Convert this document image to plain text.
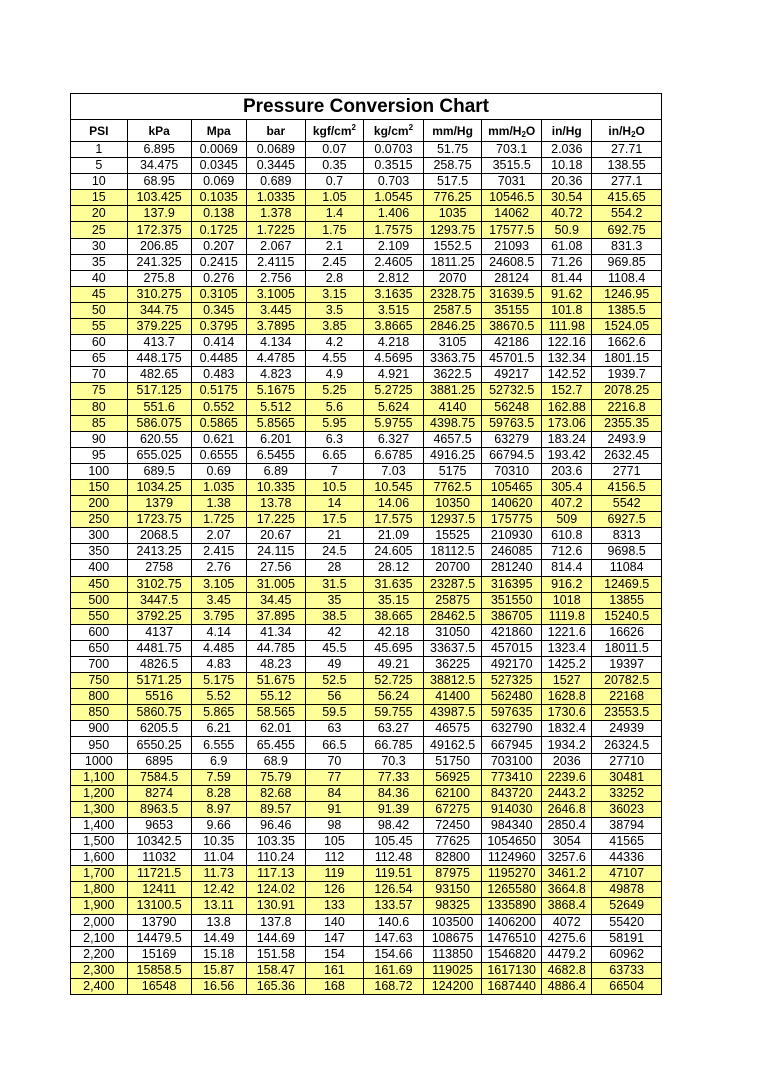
Pressure Conversion Chart
PSI	kPa	Mpa	bar	kgf/$cm^2$	$kg/cm^2$	mm/Hg	$mm/H_2O$	in/Hg	$in/H_2O$
1	6.895	0.0069	0.0689	0.07	0.0703	51.75	703.1	2.036	27.71
5	34.475	0.0345	0.3445	0.35	0.3515	258.75	3515.5	10.18	138.55
10	68.95	0.069	0.689	0.7	0.703	517.5	7031	20.36	277.1
15	103.425	0.1035	1.0335	1.05	1.0545	776.25	10546.5	30.54	415.65
20	137.9	0.138	1.378	1.4	1.406	1035	14062	40.72	554.2
25	172.375	0.1725	1.7225	1.75	1.7575	1293.75	17577.5	50.9	692.75
30	206.85	0.207	2.067	2.1	2.109	1552.5	21093	61.08	831.3
35	241.325	0.2415	2.4115	2.45	2.4605	1811.25	24608.5	71.26	969.85
40	275.8	0.276	2.756	2.8	2.812	2070	28124	81.44	1108.4
45	310.275	0.3105	3.1005	3.15	3.1635	2328.75	31639.5	91.62	1246.95
50	344.75	0.345	3.445	3.5	3.515	2587.5	35155	101.8	1385.5
55	379.225	0.3795	3.7895	3.85	3.8665	2846.25	38670.5	111.98	1524.05
60	413.7	0.414	4.134	4.2	4.218	3105	42186	122.16	1662.6
65	448.175	0.4485	4.4785	4.55	4.5695	3363.75	45701.5	132.34	1801.15
70	482.65	0.483	4.823	4.9	4.921	3622.5	49217	142.52	1939.7
75	517.125	0.5175	5.1675	5.25	5.2725	3881.25	52732.5	152.7	2078.25
80	551.6	0.552	5.512	5.6	5.624	4140	56248	162.88	2216.8
85	586.075	0.5865	5.8565	5.95	5.9755	4398.75	59763.5	173.06	2355.35
90	620.55	0.621	6.201	6.3	6.327	4657.5	63279	183.24	2493.9
95	655.025	0.6555	6.5455	6.65	6.6785	4916.25	66794.5	193.42	2632.45
100	689.5	0.69	6.89	7	7.03	5175	70310	203.6	2771
150	1034.25	1.035	10.335	10.5	10.545	7762.5	105465	305.4	4156.5
200	1379	1.38	13.78	14	14.06	10350	140620	407.2	5542
250	1723.75	1.725	17.225	17.5	17.575	12937.5	175775	509	6927.5
300	2068.5	2.07	20.67	21	21.09	15525	210930	610.8	8313
350	2413.25	2.415	24.115	24.5	24.605	18112.5	246085	712.6	9698.5
400	2758	2.76	27.56	28	28.12	20700	281240	814.4	11084
450	3102.75	3.105	31.005	31.5	31.635	23287.5	316395	916.2	12469.5
500	3447.5	3.45	34.45	35	35.15	25875	351550	1018	13855
550	3792.25	3.795	37.895	38.5	38.665	28462.5	386705	1119.8	15240.5
600	4137	4.14	41.34	42	42.18	31050	421860	1221.6	16626
650	4481.75	4.485	44.785	45.5	45.695	33637.5	457015	1323.4	18011.5
700	4826.5	4.83	48.23	49	49.21	36225	492170	1425.2	19397
750	5171.25	5.175	51.675	52.5	52.725	38812.5	527325	1527	20782.5
800	5516	5.52	55.12	56	56.24	41400	562480	1628.8	22168
850	5860.75	5.865	58.565	59.5	59.755	43987.5	597635	1730.6	23553.5
900	6205.5	6.21	62.01	63	63.27	46575	632790	1832.4	24939
950	6550.25	6.555	65.455	66.5	66.785	49162.5	667945	1934.2	26324.5
1000	6895	6.9	68.9	70	70.3	51750	703100	2036	27710
1,100	7584.5	7.59	75.79	77	77.33	56925	773410	2239.6	30481
1,200	8274	8.28	82.68	84	84.36	62100	843720	2443.2	33252
1,300	8963.5	8.97	89.57	91	91.39	67275	914030	2646.8	36023
1,400	9653	9.66	96.46	98	98.42	72450	984340	2850.4	38794
1,500	10342.5	10.35	103.35	105	105.45	77625	1054650	3054	41565
1,600	11032	11.04	110.24	112	112.48	82800	1124960	3257.6	44336
1,700	11721.5	11.73	117.13	119	119.51	87975	1195270	3461.2	47107
1,800	12411	12.42	124.02	126	126.54	93150	1265580	3664.8	49878
1,900	13100.5	13.11	130.91	133	133.57	98325	1335890	3868.4	52649
2,000	13790	13.8	137.8	140	140.6	103500	1406200	4072	55420
2,100	14479.5	14.49	144.69	147	147.63	108675	1476510	4275.6	58191
2,200	15169	15.18	151.58	154	154.66	113850	1546820	4479.2	60962
2,300	15858.5	15.87	158.47	161	161.69	119025	1617130	4682.8	63733
2,400	16548	16.56	165.36	168	168.72	124200	1687440	4886.4	66504
